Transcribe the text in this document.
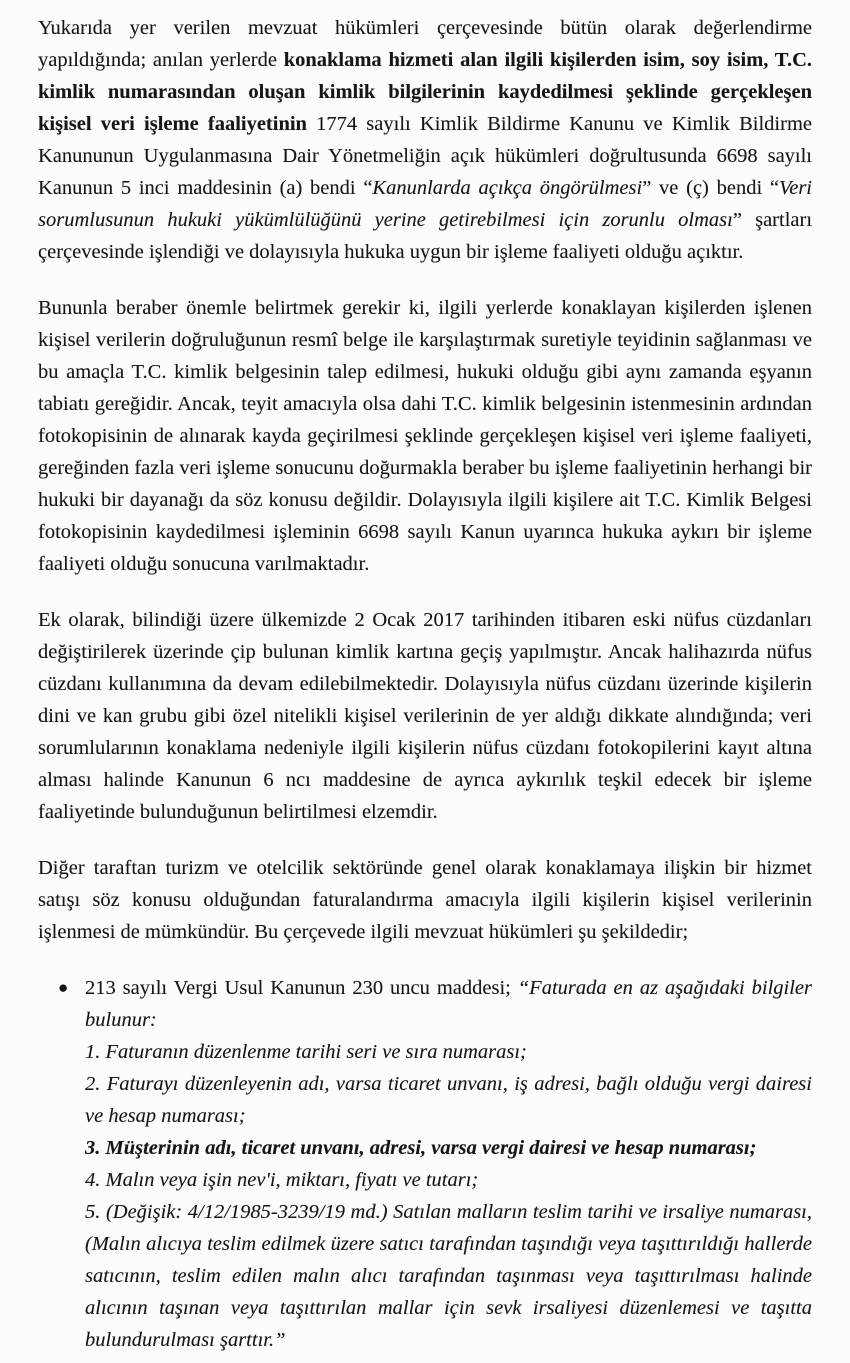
Yukarıda yer verilen mevzuat hükümleri çerçevesinde bütün olarak değerlendirme yapıldığında; anılan yerlerde konaklama hizmeti alan ilgili kişilerden isim, soy isim, T.C. kimlik numarasından oluşan kimlik bilgilerinin kaydedilmesi şeklinde gerçekleşen kişisel veri işleme faaliyetinin 1774 sayılı Kimlik Bildirme Kanunu ve Kimlik Bildirme Kanununun Uygulanmasına Dair Yönetmeliğin açık hükümleri doğrultusunda 6698 sayılı Kanunun 5 inci maddesinin (a) bendi “Kanunlarda açıkça öngörülmesi” ve (ç) bendi “Veri sorumlusunun hukuki yükümlülüğünü yerine getirebilmesi için zorunlu olması” şartları çerçevesinde işlendiği ve dolayısıyla hukuka uygun bir işleme faaliyeti olduğu açıktır.

Bununla beraber önemle belirtmek gerekir ki, ilgili yerlerde konaklayan kişilerden işlenen kişisel verilerin doğruluğunun resmî belge ile karşılaştırmak suretiyle teyidinin sağlanması ve bu amaçla T.C. kimlik belgesinin talep edilmesi, hukuki olduğu gibi aynı zamanda eşyanın tabiatı gereğidir. Ancak, teyit amacıyla olsa dahi T.C. kimlik belgesinin istenmesinin ardından fotokopisinin de alınarak kayda geçirilmesi şeklinde gerçekleşen kişisel veri işleme faaliyeti, gereğinden fazla veri işleme sonucunu doğurmakla beraber bu işleme faaliyetinin herhangi bir hukuki bir dayanağı da söz konusu değildir. Dolayısıyla ilgili kişilere ait T.C. Kimlik Belgesi fotokopisinin kaydedilmesi işleminin 6698 sayılı Kanun uyarınca hukuka aykırı bir işleme faaliyeti olduğu sonucuna varılmaktadır.

Ek olarak, bilindiği üzere ülkemizde 2 Ocak 2017 tarihinden itibaren eski nüfus cüzdanları değiştirilerek üzerinde çip bulunan kimlik kartına geçiş yapılmıştır. Ancak halihazırda nüfus cüzdanı kullanımına da devam edilebilmektedir. Dolayısıyla nüfus cüzdanı üzerinde kişilerin dini ve kan grubu gibi özel nitelikli kişisel verilerinin de yer aldığı dikkate alındığında; veri sorumlularının konaklama nedeniyle ilgili kişilerin nüfus cüzdanı fotokopilerini kayıt altına alması halinde Kanunun 6 ncı maddesine de ayrıca aykırılık teşkil edecek bir işleme faaliyetinde bulunduğunun belirtilmesi elzemdir.

Diğer taraftan turizm ve otelcilik sektöründe genel olarak konaklamaya ilişkin bir hizmet satışı söz konusu olduğundan faturalandırma amacıyla ilgili kişilerin kişisel verilerinin işlenmesi de mümkündür. Bu çerçevede ilgili mevzuat hükümleri şu şekildedir;

● 213 sayılı Vergi Usul Kanunun 230 uncu maddesi; “Faturada en az aşağıdaki bilgiler bulunur:
1. Faturanın düzenlenme tarihi seri ve sıra numarası;
2. Faturayı düzenleyenin adı, varsa ticaret unvanı, iş adresi, bağlı olduğu vergi dairesi ve hesap numarası;
3. Müşterinin adı, ticaret unvanı, adresi, varsa vergi dairesi ve hesap numarası;
4. Malın veya işin nev'i, miktarı, fiyatı ve tutarı;
5. (Değişik: 4/12/1985-3239/19 md.) Satılan malların teslim tarihi ve irsaliye numarası, (Malın alıcıya teslim edilmek üzere satıcı tarafından taşındığı veya taşıttırıldığı hallerde satıcının, teslim edilen malın alıcı tarafından taşınması veya taşıttırılması halinde alıcının taşınan veya taşıttırılan mallar için sevk irsaliyesi düzenlemesi ve taşıtta bulundurulması şarttır.”
